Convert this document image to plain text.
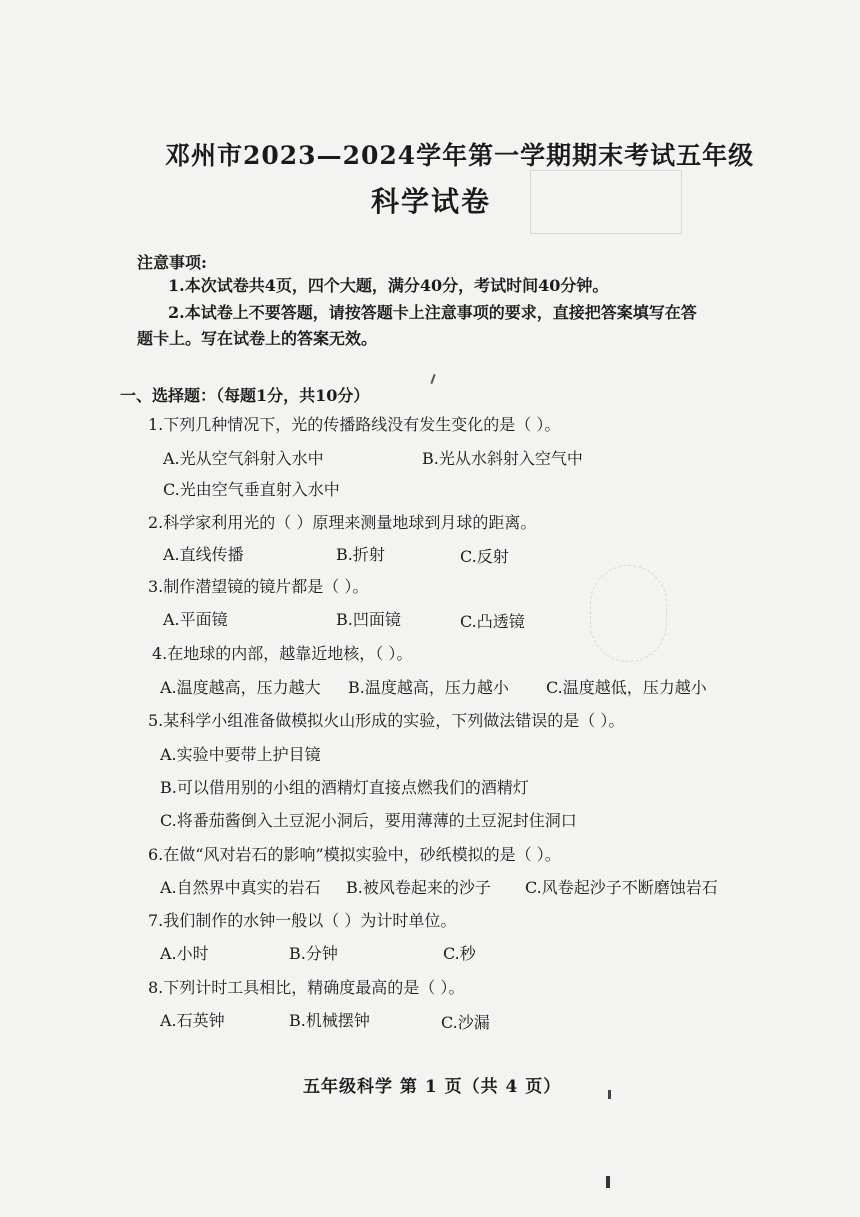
邓州市2023—2024学年第一学期期末考试五年级
科学试卷
注意事项:
1.本次试卷共4页，四个大题，满分40分，考试时间40分钟。
2.本试卷上不要答题，请按答题卡上注意事项的要求，直接把答案填写在答
题卡上。写在试卷上的答案无效。
一、选择题：（每题1分，共10分）
1.下列几种情况下，光的传播路线没有发生变化的是（ ）。
A.光从空气斜射入水中	B.光从水斜射入空气中
C.光由空气垂直射入水中
2.科学家利用光的（ ）原理来测量地球到月球的距离。
A.直线传播	B.折射	C.反射
3.制作潜望镜的镜片都是（ ）。
A.平面镜	B.凹面镜	C.凸透镜
4.在地球的内部，越靠近地核，（ ）。
A.温度越高，压力越大 B.温度越高，压力越小 C.温度越低，压力越小
5.某科学小组准备做模拟火山形成的实验，下列做法错误的是（ ）。
A.实验中要带上护目镜
B.可以借用别的小组的酒精灯直接点燃我们的酒精灯
C.将番茄酱倒入土豆泥小洞后，要用薄薄的土豆泥封住洞口
6.在做“风对岩石的影响”模拟实验中，砂纸模拟的是（ ）。
A.自然界中真实的岩石 B.被风卷起来的沙子 C.风卷起沙子不断磨蚀岩石
7.我们制作的水钟一般以（ ）为计时单位。
A.小时	B.分钟	C.秒
8.下列计时工具相比，精确度最高的是（ ）。
A.石英钟	B.机械摆钟	C.沙漏
五年级科学 第 1 页（共 4 页）
